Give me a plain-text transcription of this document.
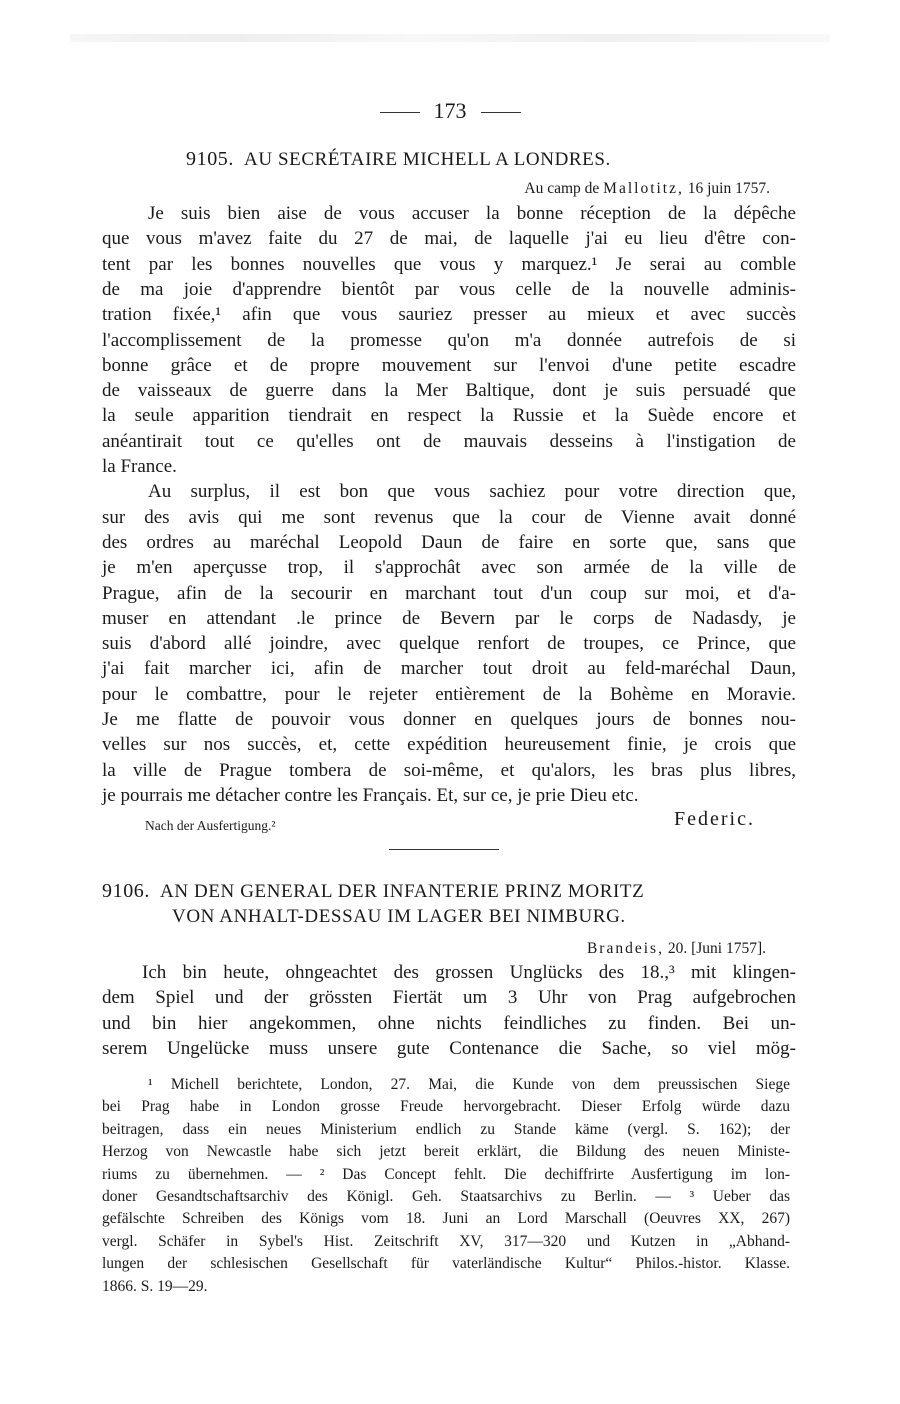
173
9105. AU SECRÉTAIRE MICHELL A LONDRES.
Au camp de Mallotitz, 16 juin 1757.
Je suis bien aise de vous accuser la bonne réception de la dépêche
que vous m'avez faite du 27 de mai, de laquelle j'ai eu lieu d'être con-
tent par les bonnes nouvelles que vous y marquez.¹ Je serai au comble
de ma joie d'apprendre bientôt par vous celle de la nouvelle adminis-
tration fixée,¹ afin que vous sauriez presser au mieux et avec succès
l'accomplissement de la promesse qu'on m'a donnée autrefois de si
bonne grâce et de propre mouvement sur l'envoi d'une petite escadre
de vaisseaux de guerre dans la Mer Baltique, dont je suis persuadé que
la seule apparition tiendrait en respect la Russie et la Suède encore et
anéantirait tout ce qu'elles ont de mauvais desseins à l'instigation de
la France.
Au surplus, il est bon que vous sachiez pour votre direction que,
sur des avis qui me sont revenus que la cour de Vienne avait donné
des ordres au maréchal Leopold Daun de faire en sorte que, sans que
je m'en aperçusse trop, il s'approchât avec son armée de la ville de
Prague, afin de la secourir en marchant tout d'un coup sur moi, et d'a-
muser en attendant .le prince de Bevern par le corps de Nadasdy, je
suis d'abord allé joindre, avec quelque renfort de troupes, ce Prince, que
j'ai fait marcher ici, afin de marcher tout droit au feld-maréchal Daun,
pour le combattre, pour le rejeter entièrement de la Bohème en Moravie.
Je me flatte de pouvoir vous donner en quelques jours de bonnes nou-
velles sur nos succès, et, cette expédition heureusement finie, je crois que
la ville de Prague tombera de soi-même, et qu'alors, les bras plus libres,
je pourrais me détacher contre les Français. Et, sur ce, je prie Dieu etc.
Nach der Ausfertigung.²	Federic.
9106. AN DEN GENERAL DER INFANTERIE PRINZ MORITZ
VON ANHALT-DESSAU IM LAGER BEI NIMBURG.
Brandeis, 20. [Juni 1757].
Ich bin heute, ohngeachtet des grossen Unglücks des 18.,³ mit klingen-
dem Spiel und der grössten Fiertät um 3 Uhr von Prag aufgebrochen
und bin hier angekommen, ohne nichts feindliches zu finden. Bei un-
serem Ungelücke muss unsere gute Contenance die Sache, so viel mög-
¹ Michell berichtete, London, 27. Mai, die Kunde von dem preussischen Siege
bei Prag habe in London grosse Freude hervorgebracht. Dieser Erfolg würde dazu
beitragen, dass ein neues Ministerium endlich zu Stande käme (vergl. S. 162); der
Herzog von Newcastle habe sich jetzt bereit erklärt, die Bildung des neuen Ministe-
riums zu übernehmen. — ² Das Concept fehlt. Die dechiffrirte Ausfertigung im lon-
doner Gesandtschaftsarchiv des Königl. Geh. Staatsarchivs zu Berlin. — ³ Ueber das
gefälschte Schreiben des Königs vom 18. Juni an Lord Marschall (Oeuvres XX, 267)
vergl. Schäfer in Sybel's Hist. Zeitschrift XV, 317—320 und Kutzen in „Abhand-
lungen der schlesischen Gesellschaft für vaterländische Kultur“ Philos.-histor. Klasse.
1866. S. 19—29.
